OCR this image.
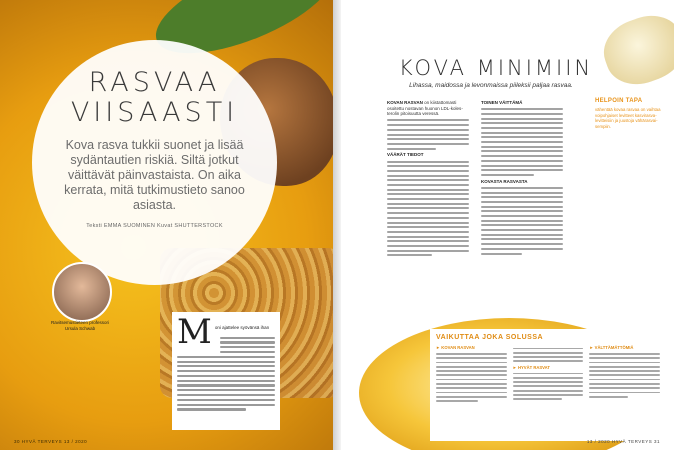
RASVAA
VIISAASTI

Kova rasva tukkii suonet ja lisää sydäntautien riskiä. Siltä jotkut väittävät päinvastaista. On aika kerrata, mitä tutkimustieto sanoo asiasta.

Teksti EMMA SUOMINEN Kuvat SHUTTERSTOCK

Ravitsemustieteen professori Ursula Schwab	M oni ajattelee syövänsä ihan
30 HYVÄ TERVEYS 13 / 2020
KOVA MINIMIIN

Lihassa, maidossa ja levonmaissa piileksii paljaa rasvaa.

KOVAN RASVAN on kiistattomasti osoitettu nostavan huonon LDL-kolesterolin pitoisuutta veressä.
VÄÄRÄT TIEDOT
TOINEN VÄITTÄMÄ
KOVASTA RASVASTA

HELPOIN TAPA

vähentää kovaa rasvaa on vaihtaa voipohjaiset levitteet kasvirasvalevitteisiin ja juustoja vähärasvaisempiin.

VAIKUTTAA JOKA SOLUSSA

► KOVAN RASVAN
► HYVÄT RASVAT
► VÄLTTÄMÄTTÖMIÄ
13 / 2020 HYVÄ TERVEYS 31
